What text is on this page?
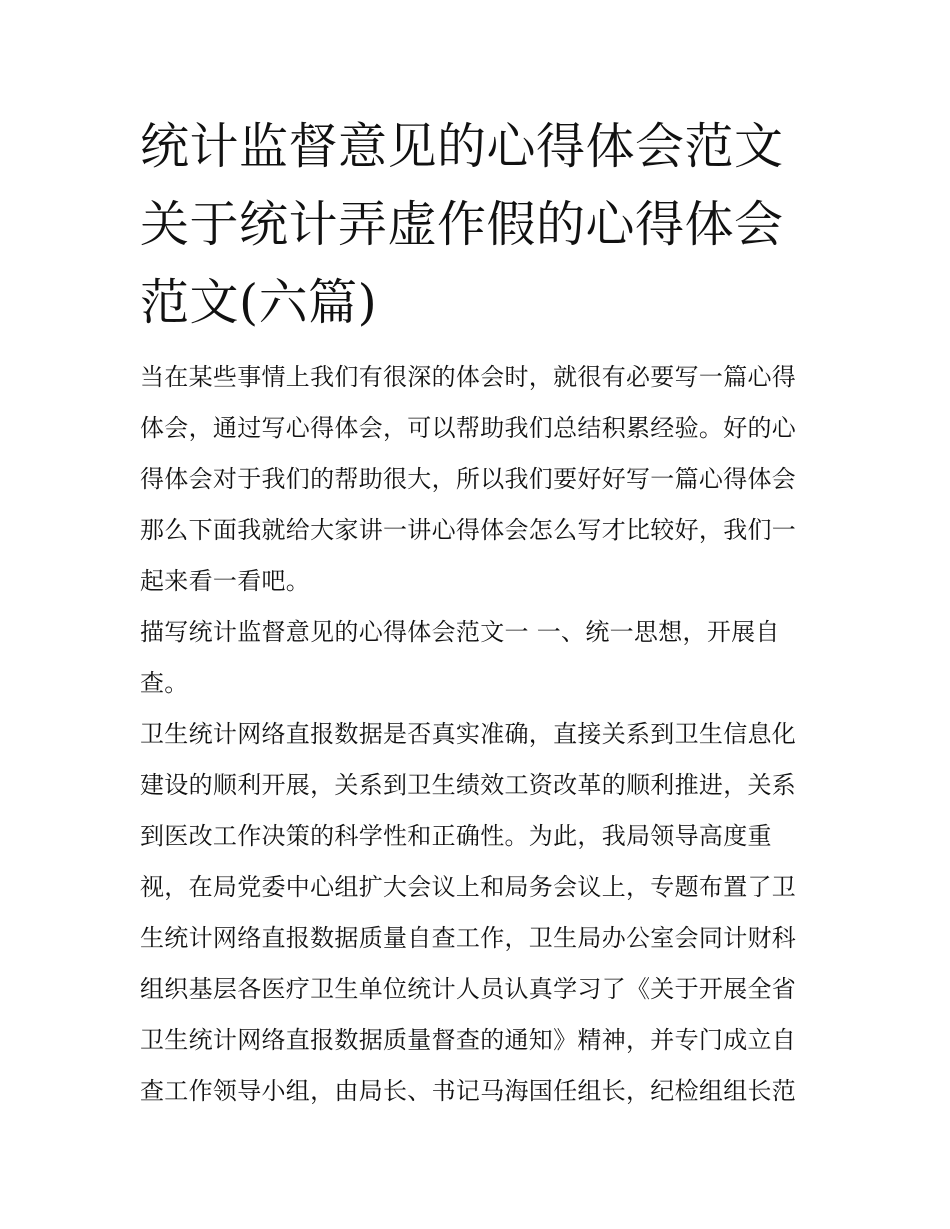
统计监督意见的心得体会范文
关于统计弄虚作假的心得体会
范文(六篇)
当在某些事情上我们有很深的体会时，就很有必要写一篇心得
体会，通过写心得体会，可以帮助我们总结积累经验。好的心
得体会对于我们的帮助很大，所以我们要好好写一篇心得体会
那么下面我就给大家讲一讲心得体会怎么写才比较好，我们一
起来看一看吧。
描写统计监督意见的心得体会范文一 一、统一思想，开展自
查。
卫生统计网络直报数据是否真实准确，直接关系到卫生信息化
建设的顺利开展，关系到卫生绩效工资改革的顺利推进，关系
到医改工作决策的科学性和正确性。为此，我局领导高度重
视，在局党委中心组扩大会议上和局务会议上，专题布置了卫
生统计网络直报数据质量自查工作，卫生局办公室会同计财科
组织基层各医疗卫生单位统计人员认真学习了《关于开展全省
卫生统计网络直报数据质量督查的通知》精神，并专门成立自
查工作领导小组，由局长、书记马海国任组长，纪检组组长范
